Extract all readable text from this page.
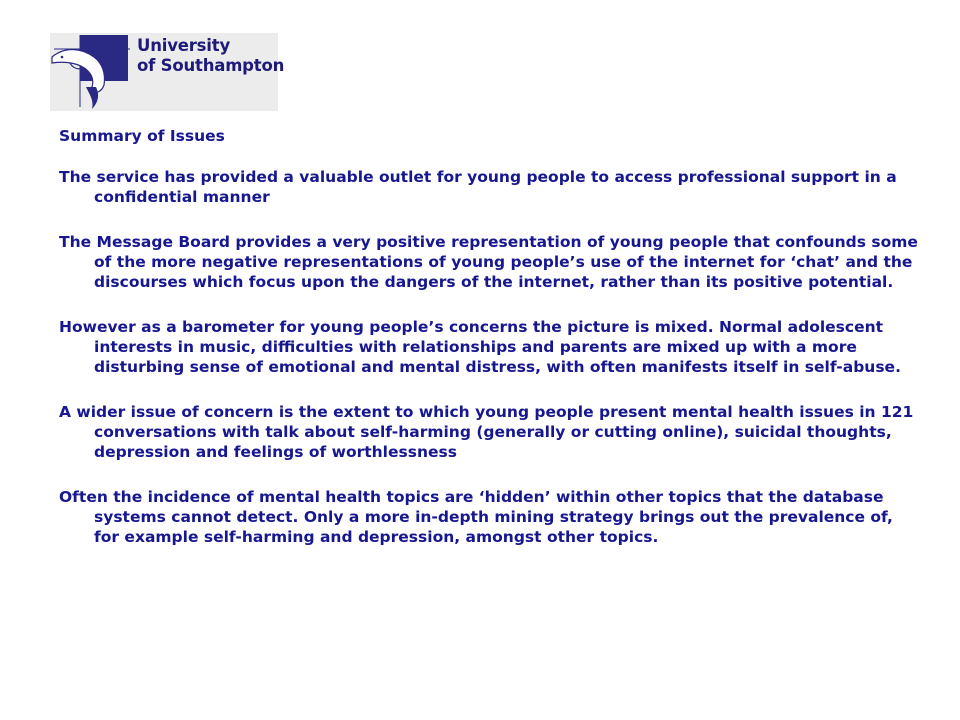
University
of Southampton
Summary of Issues
The service has provided a valuable outlet for young people to access professional support in a confidential manner
The Message Board provides a very positive representation of young people that confounds some of the more negative representations of young people’s use of the internet for ‘chat’ and the discourses which focus upon the dangers of the internet, rather than its positive potential.
However as a barometer for young people’s concerns the picture is mixed. Normal adolescent interests in music, difficulties with relationships and parents are mixed up with a more disturbing sense of emotional and mental distress, with often manifests itself in self-abuse.
A wider issue of concern is the extent to which young people present mental health issues in 121 conversations with talk about self-harming (generally or cutting online), suicidal thoughts, depression and feelings of worthlessness
Often the incidence of mental health topics are ‘hidden’ within other topics that the database systems cannot detect. Only a more in-depth mining strategy brings out the prevalence of, for example self-harming and depression, amongst other topics.
